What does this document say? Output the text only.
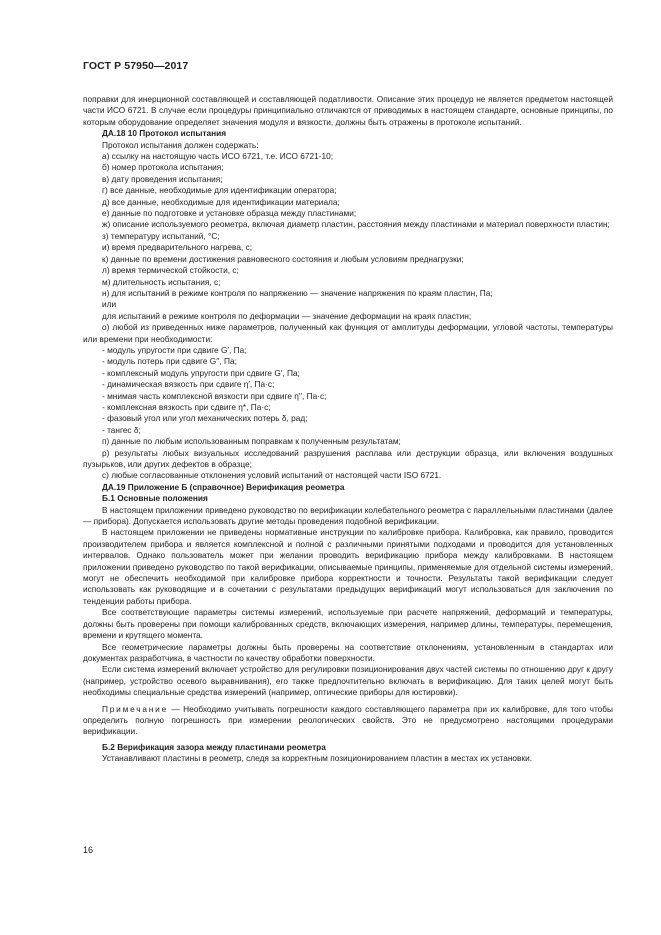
ГОСТ Р 57950—2017

поправки для инерционной составляющей и составляющей податливости. Описание этих процедур не является предметом настоящей части ИСО 6721. В случае если процедуры принципиально отличаются от приводимых в настоящем стандарте, основные принципы, по которым оборудование определяет значения модуля и вязкости, должны быть отражены в протоколе испытаний.

ДА.18 10 Протокол испытания

Протокол испытания должен содержать:

а) ссылку на настоящую часть ИСО 6721, т.е. ИСО 6721-10;

б) номер протокола испытания;

в) дату проведения испытания;

г) все данные, необходимые для идентификации оператора;

д) все данные, необходимые для идентификации материала;

е) данные по подготовке и установке образца между пластинами;

ж) описание используемого реометра, включая диаметр пластин, расстояния между пластинами и материал поверхности пластин;

з) температуру испытаний, °С;

и) время предварительного нагрева, с;

к) данные по времени достижения равновесного состояния и любым условиям преднагрузки;

л) время термической стойкости, с;

м) длительность испытания, с;

н) для испытаний в режиме контроля по напряжению — значение напряжения по краям пластин, Па;

или

для испытаний в режиме контроля по деформации — значение деформации на краях пластин;

о) любой из приведенных ниже параметров, полученный как функция от амплитуды деформации, угловой частоты, температуры или времени при необходимости:

- модуль упругости при сдвиге G′, Па;

- модуль потерь при сдвиге G′′, Па;

- комплексный модуль упругости при сдвиге G′, Па;

- динамическая вязкость при сдвиге η′, Па·с;

- мнимая часть комплексной вязкости при сдвиге η′′, Па·с;

- комплексная вязкость при сдвиге η*, Па·с;

- фазовый угол или угол механических потерь δ, рад;

- тангес δ;

п) данные по любым использованным поправкам к полученным результатам;

р) результаты любых визуальных исследований разрушения расплава или деструкции образца, или включения воздушных пузырьков, или других дефектов в образце;

с) любые согласованные отклонения условий испытаний от настоящей части ISO 6721.

ДА.19 Приложение Б (справочное) Верификация реометра

Б.1 Основные положения

В настоящем приложении приведено руководство по верификации колебательного реометра с параллельными пластинами (далее — прибора). Допускается использовать другие методы проведения подобной верификации.

В настоящем приложении не приведены нормативные инструкции по калибровке прибора. Калибровка, как правило, проводится производителем прибора и является комплексной и полной с различными принятыми подходами и проводится для установленных интервалов. Однако пользователь может при желании проводить верификацию прибора между калибровками. В настоящем приложении приведено руководство по такой верификации, описываемые принципы, применяемые для отдельной системы измерений, могут не обеспечить необходимой при калибровке прибора корректности и точности. Результаты такой верификации следует использовать как руководящие и в сочетании с результатами предыдущих верификаций могут использоваться для заключения по тенденции работы прибора.

Все соответствующие параметры системы измерений, используемые при расчете напряжений, деформаций и температуры, должны быть проверены при помощи калиброванных средств, включающих измерения, например длины, температуры, перемещения, времени и крутящего момента.

Все геометрические параметры должны быть проверены на соответствие отклонениям, установленным в стандартах или документах разработчика, в частности по качеству обработки поверхности.

Если система измерений включает устройство для регулировки позиционирования двух частей системы по отношению друг к другу (например, устройство осевого выравнивания), его также предпочтительно включать в верификацию. Для таких целей могут быть необходимы специальные средства измерений (например, оптические приборы для юстировки).

Примечание — Необходимо учитывать погрешности каждого составляющего параметра при их калибровке, для того чтобы определить полную погрешность при измерении реологических свойств. Это не предусмотрено настоящими процедурами верификации.

Б.2 Верификация зазора между пластинами реометра

Устанавливают пластины в реометр, следя за корректным позиционированием пластин в местах их установки.

16
